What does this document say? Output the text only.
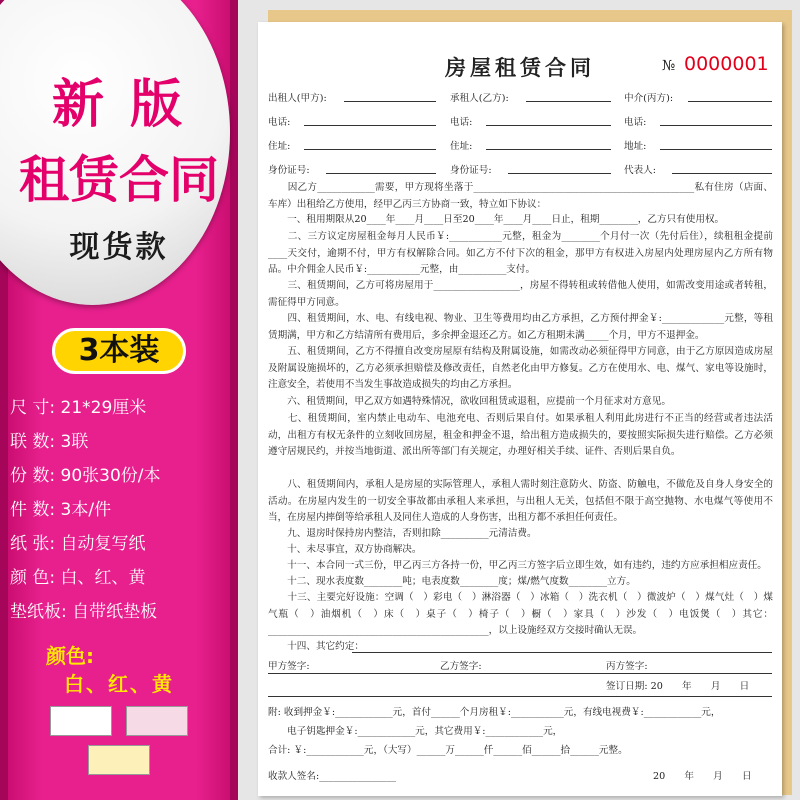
新 版
租赁合同
现货款
3本装
尺 寸: 21*29厘米
联 数: 3联
份 数: 90张30份/本
件 数: 3本/件
纸 张: 自动复写纸
颜 色: 白、红、黄
垫纸板: 自带纸垫板
颜色:
白、红、黄
房屋租赁合同	№ 0000001
出租人(甲方):	承租人(乙方):	中介(丙方):
电话:	电话:	电话:
住址:	住址:	地址:
身份证号:	身份证号:	代表人:
　　因乙方____________需要，甲方现将坐落于______________________________________________私有住房（店面、车库）出租给乙方使用，经甲乙丙三方协商一致，特立如下协议：
　　一、租用期限从20____年____月____日至20____年____月____日止，租期________，乙方只有使用权。
　　二、三方议定房屋租金每月人民币￥:___________元整，租金为________个月付一次（先付后住），续租租金提前____天交付，逾期不付，甲方有权解除合同。如乙方不付下次的租金，那甲方有权进入房屋内处理房屋内乙方所有物品。中介佣金人民币￥:___________元整，由__________支付。
　　三、租赁期间，乙方可将房屋用于__________________，房屋不得转租或转借他人使用，如需改变用途或者转租，需征得甲方同意。
　　四、租赁期间，水、电、有线电视、物业、卫生等费用均由乙方承担，乙方预付押金￥:_____________元整，等租赁期满，甲方和乙方结清所有费用后，多余押金退还乙方。如乙方租期未满_____个月，甲方不退押金。
　　五、租赁期间，乙方不得擅自改变房屋原有结构及附属设施，如需改动必须征得甲方同意，由于乙方原因造成房屋及附属设施损坏的，乙方必须承担赔偿及修改责任，自然老化由甲方修复。乙方在使用水、电、煤气、家电等设施时，注意安全，若使用不当发生事故造成损失的均由乙方承担。
　　六、租赁期间，甲乙双方如遇特殊情况，欲收回租赁或退租，应提前一个月征求对方意见。
　　七、租赁期间，室内禁止电动车、电池充电、否则后果自付。如果承租人利用此房进行不正当的经营或者违法活动，出租方有权无条件的立刻收回房屋，租金和押金不退，给出租方造成损失的，要按照实际损失进行赔偿。乙方必须遵守居规民约，并按当地街道、派出所等部门有关规定，办理好相关手续、证件、否则后果自负。
　　八、租赁期间内，承租人是房屋的实际管理人，承租人需时刻注意防火、防盗、防触电，不做危及自身人身安全的活动。在房屋内发生的一切安全事故都由承租人来承担，与出租人无关，包括但不限于高空抛物、水电煤气等使用不当，在房屋内摔倒等给承租人及同住人造成的人身伤害，出租方都不承担任何责任。
　　九、退房时保持房内整洁，否则扣除__________元清洁费。
　　十、未尽事宜，双方协商解决。
　　十一、本合同一式三份，甲乙丙三方各持一份，甲乙丙三方签字后立即生效，如有违约，违约方应承担相应责任。
　　十二、现水表度数________吨；电表度数________度；煤/燃气度数________立方。
　　十三、主要完好设施：空调（　）彩电（　）淋浴器（　）冰箱（　）洗衣机（　）微波炉（　）煤气灶（　）煤气瓶（　）油烟机（　）床（　）桌子（　）椅子（　）橱（　）家具（　）沙发（　）电饭煲（　）其它：______________________________________________，以上设施经双方交接时确认无误。
　　十四、其它约定：
甲方签字:	乙方签字:	丙方签字:
签订日期: 20　　年　　月　　日
附: 收到押金￥:____________元，首付______个月房租￥:___________元，有线电视费￥:____________元，
　　电子钥匙押金￥:____________元，其它费用￥:____________元，
合计: ￥:____________元，（大写）______万______仟______佰______拾______元整。
收款人签名:________________	20　　年　　月　　日
